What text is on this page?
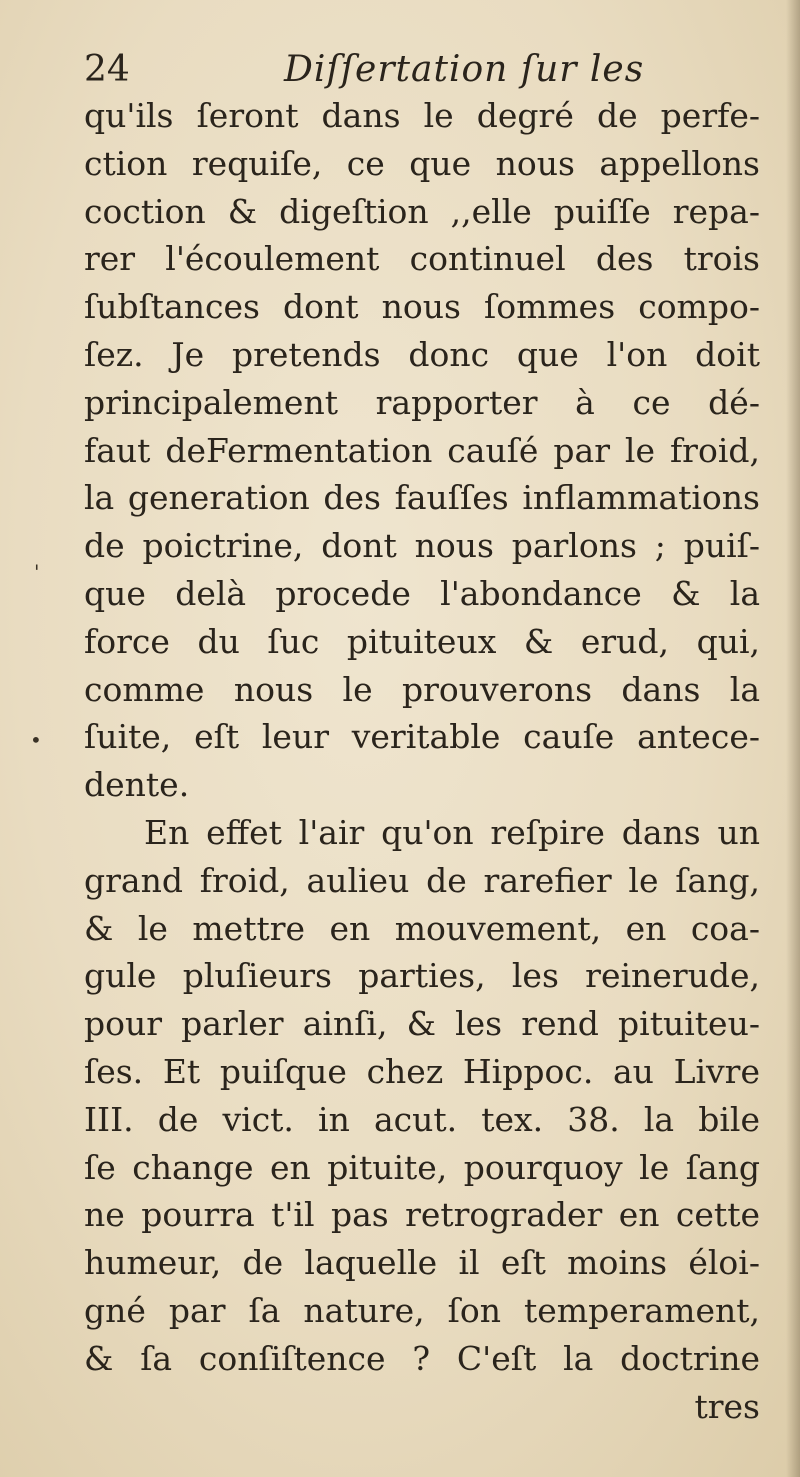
24	Diſſertation ſur les
'
•
qu'ils ſeront dans le degré de perfe-
ction requiſe, ce que nous appellons
coction & digeſtion ,,elle puiſſe repa-
rer l'écoulement continuel des trois
ſubſtances dont nous ſommes compo-
ſez. Je pretends donc que l'on doit
principalement rapporter à ce dé-
faut deFermentation cauſé par le froid,
la generation des fauſſes inflammations
de poictrine, dont nous parlons ; puiſ-
que delà procede l'abondance & la
force du ſuc pituiteux & erud, qui,
comme nous le prouverons dans la
ſuite, eſt leur veritable cauſe antece-
dente.
En effet l'air qu'on reſpire dans un
grand froid, aulieu de rarefier le ſang,
& le mettre en mouvement, en coa-
gule pluſieurs parties, les reinerude,
pour parler ainſi, & les rend pituiteu-
ſes. Et puiſque chez Hippoc. au Livre
III. de vict. in acut. tex. 38. la bile
ſe change en pituite, pourquoy le ſang
ne pourra t'il pas retrograder en cette
humeur, de laquelle il eſt moins éloi-
gné par ſa nature, ſon temperament,
& ſa conſiſtence ? C'eſt la doctrine
tres
